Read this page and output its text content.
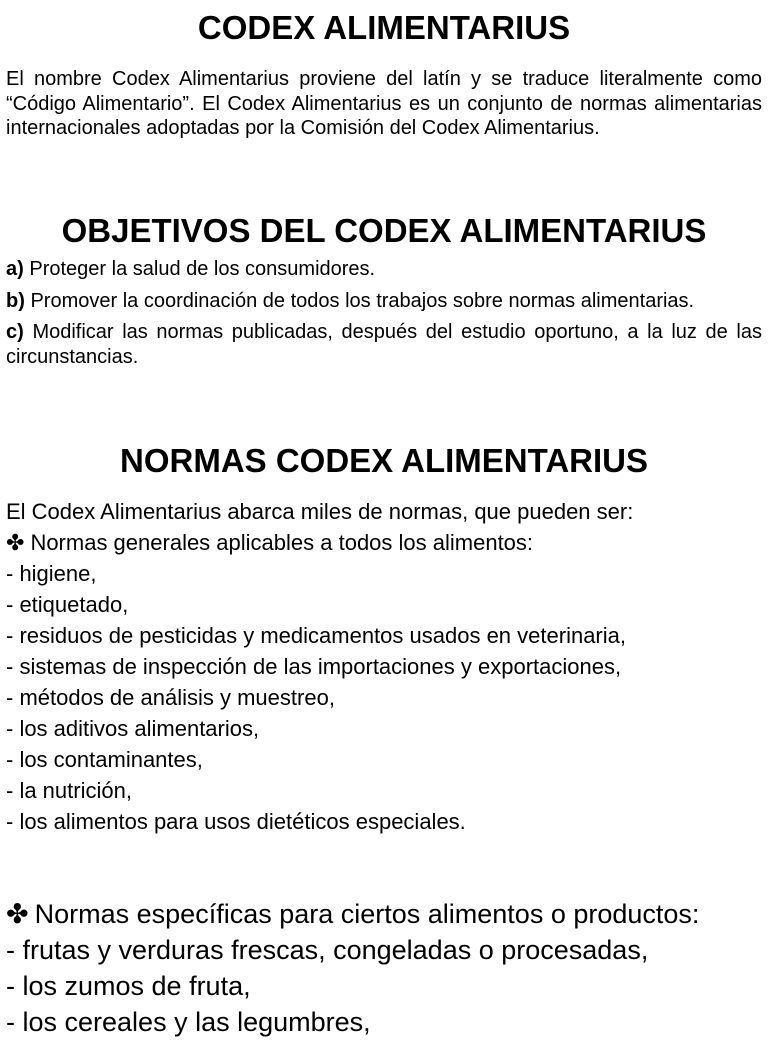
CODEX ALIMENTARIUS

El nombre Codex Alimentarius proviene del latín y se traduce literalmente como “Código Alimentario”. El Codex Alimentarius es un conjunto de normas alimentarias internacionales adoptadas por la Comisión del Codex Alimentarius.

OBJETIVOS DEL CODEX ALIMENTARIUS

a) Proteger la salud de los consumidores.

b) Promover la coordinación de todos los trabajos sobre normas alimentarias.

c) Modificar las normas publicadas, después del estudio oportuno, a la luz de las circunstancias.

NORMAS CODEX ALIMENTARIUS
El Codex Alimentarius abarca miles de normas, que pueden ser:
✤ Normas generales aplicables a todos los alimentos:
- higiene,
- etiquetado,
- residuos de pesticidas y medicamentos usados en veterinaria,
- sistemas de inspección de las importaciones y exportaciones,
- métodos de análisis y muestreo,
- los aditivos alimentarios,
- los contaminantes,
- la nutrición,
- los alimentos para usos dietéticos especiales.
✤ Normas específicas para ciertos alimentos o productos:
- frutas y verduras frescas, congeladas o procesadas,
- los zumos de fruta,
- los cereales y las legumbres,
